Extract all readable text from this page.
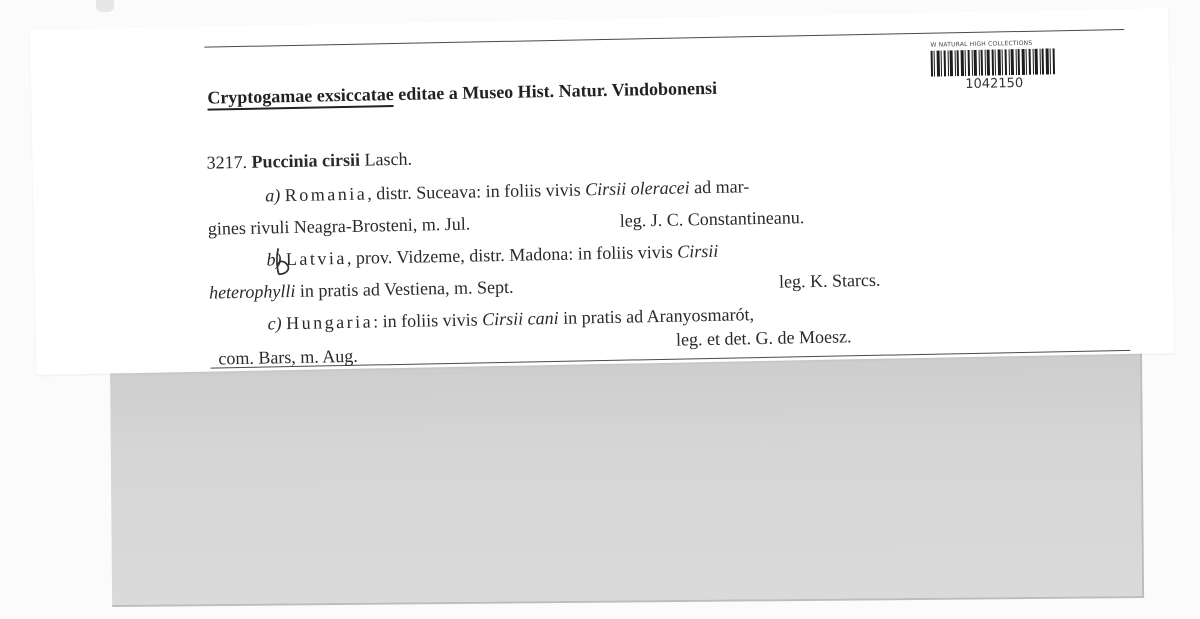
W NATURAL HIGH COLLECTIONS
1042150
Cryptogamae exsiccatae editae a Museo Hist. Natur. Vindobonensi
3217. Puccinia cirsii Lasch.
a) Romania, distr. Suceava: in foliis vivis Cirsii oleracei ad mar-
gines rivuli Neagra-Brosteni, m. Jul.	leg. J. C. Constantineanu.
b) Latvia, prov. Vidzeme, distr. Madona: in foliis vivis Cirsii
heterophylli in pratis ad Vestiena, m. Sept.	leg. K. Starcs.
c) Hungaria: in foliis vivis Cirsii cani in pratis ad Aranyosmarót,
leg. et det. G. de Moesz.
com. Bars, m. Aug.
